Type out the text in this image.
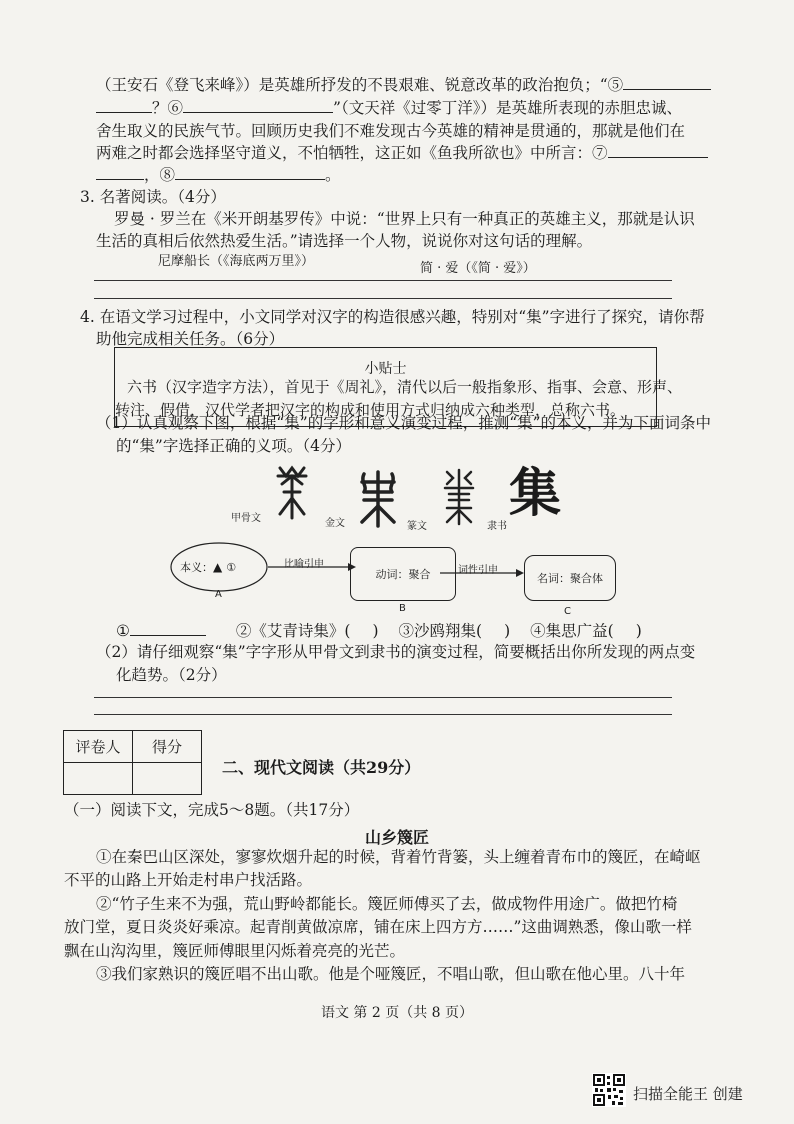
（王安石《登飞来峰》）是英雄所抒发的不畏艰难、锐意改革的政治抱负；“⑤
？⑥	”（文天祥《过零丁洋》）是英雄所表现的赤胆忠诚、
舍生取义的民族气节。回顾历史我们不难发现古今英雄的精神是贯通的，那就是他们在
两难之时都会选择坚守道义，不怕牺牲，这正如《鱼我所欲也》中所言：⑦
，⑧	。
3. 名著阅读。（4分）
罗曼 · 罗兰在《米开朗基罗传》中说：“世界上只有一种真正的英雄主义，那就是认识
生活的真相后依然热爱生活。”请选择一个人物，说说你对这句话的理解。
尼摩船长（《海底两万里》）	简 · 爱（《简 · 爱》）
4. 在语文学习过程中，小文同学对汉字的构造很感兴趣，特别对“集”字进行了探究，请你帮
助他完成相关任务。（6分）
小贴士
六书（汉字造字方法），首见于《周礼》，清代以后一般指象形、指事、会意、形声、
转注、假借，汉代学者把汉字的构成和使用方式归纳成六种类型，总称六书。
（1）认真观察下图，根据“集”的字形和意义演变过程，推测“集”的本义，并为下面词条中
的“集”字选择正确的义项。（4分）
甲骨文	金文	篆文
集
隶书
本义：▲ ①	比喻引申
动词：聚合	词性引申
名词：聚合体
A
B	C
①	②《艾青诗集》( ) ③沙鸥翔集( ) ④集思广益( )
（2）请仔细观察“集”字字形从甲骨文到隶书的演变过程，简要概括出你所发现的两点变
化趋势。（2分）
评卷人	得分

二、现代文阅读（共29分）
（一）阅读下文，完成5～8题。（共17分）
山乡篾匠
①在秦巴山区深处，寥寥炊烟升起的时候，背着竹背篓，头上缠着青布巾的篾匠，在崎岖
不平的山路上开始走村串户找活路。
②“竹子生来不为强，荒山野岭都能长。篾匠师傅买了去，做成物件用途广。做把竹椅
放门堂，夏日炎炎好乘凉。起青削黄做凉席，铺在床上四方方……”这曲调熟悉，像山歌一样
飘在山沟沟里，篾匠师傅眼里闪烁着亮亮的光芒。
③我们家熟识的篾匠唱不出山歌。他是个哑篾匠，不唱山歌，但山歌在他心里。八十年
语文 第 2 页（共 8 页）
扫描全能王 创建
